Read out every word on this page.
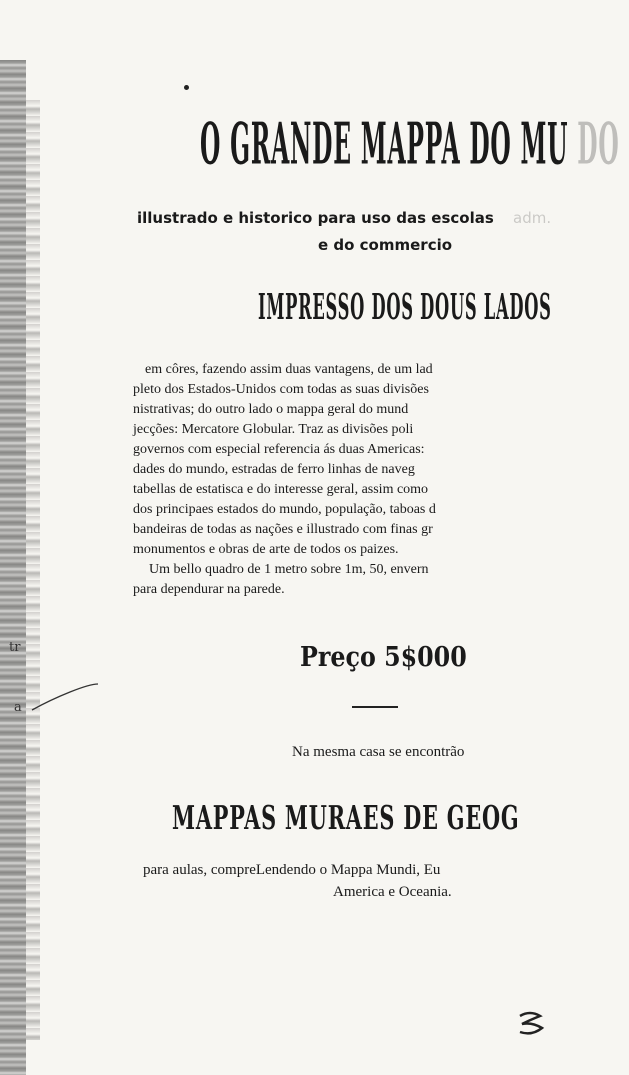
O GRANDE MAPPA DO MU DO
illustrado e historico para uso das escolas adm.
e do commercio
IMPRESSO DOS DOUS LADOS
em côres, fazendo assim duas vantagens, de um lad
pleto dos Estados-Unidos com todas as suas divisões
nistrativas; do outro lado o mappa geral do mund
jecções: Mercatore Globular. Traz as divisões poli
governos com especial referencia ás duas Americas:
dades do mundo, estradas de ferro linhas de naveg
tabellas de estatisca e do interesse geral, assim como
dos principaes estados do mundo, população, taboas d
bandeiras de todas as nações e illustrado com finas gr
monumentos e obras de arte de todos os paizes.
Um bello quadro de 1 metro sobre 1m, 50, envern
para dependurar na parede.
Preço 5$000
Na mesma casa se encontrão
MAPPAS MURAES DE GEOG
para aulas, compreLendendo o Mappa Mundi, Eu
America e Oceania.
tr
a
